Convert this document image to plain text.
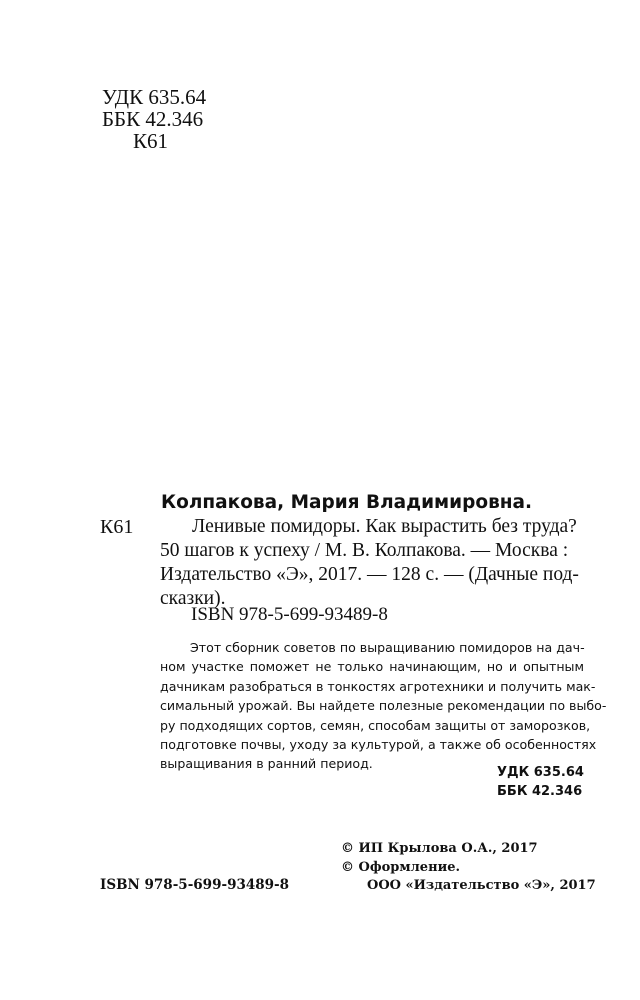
УДК 635.64
ББК 42.346
К61
Колпакова, Мария Владимировна.
К61	Ленивые помидоры. Как вырастить без труда?
50 шагов к успеху / М. В. Колпакова. — Москва :
Издательство «Э», 2017. — 128 с. — (Дачные под-
сказки).
ISBN 978-5-699-93489-8
Этот сборник советов по выращиванию помидоров на дач-
ном участке поможет не только начинающим, но и опытным
дачникам разобраться в тонкостях агротехники и получить мак-
симальный урожай. Вы найдете полезные рекомендации по выбо-
ру подходящих сортов, семян, способам защиты от заморозков,
подготовке почвы, уходу за культурой, а также об особенностях
выращивания в ранний период.
УДК 635.64
ББК 42.346
© ИП Крылова О.А., 2017
© Оформление.
ООО «Издательство «Э», 2017
ISBN 978-5-699-93489-8
